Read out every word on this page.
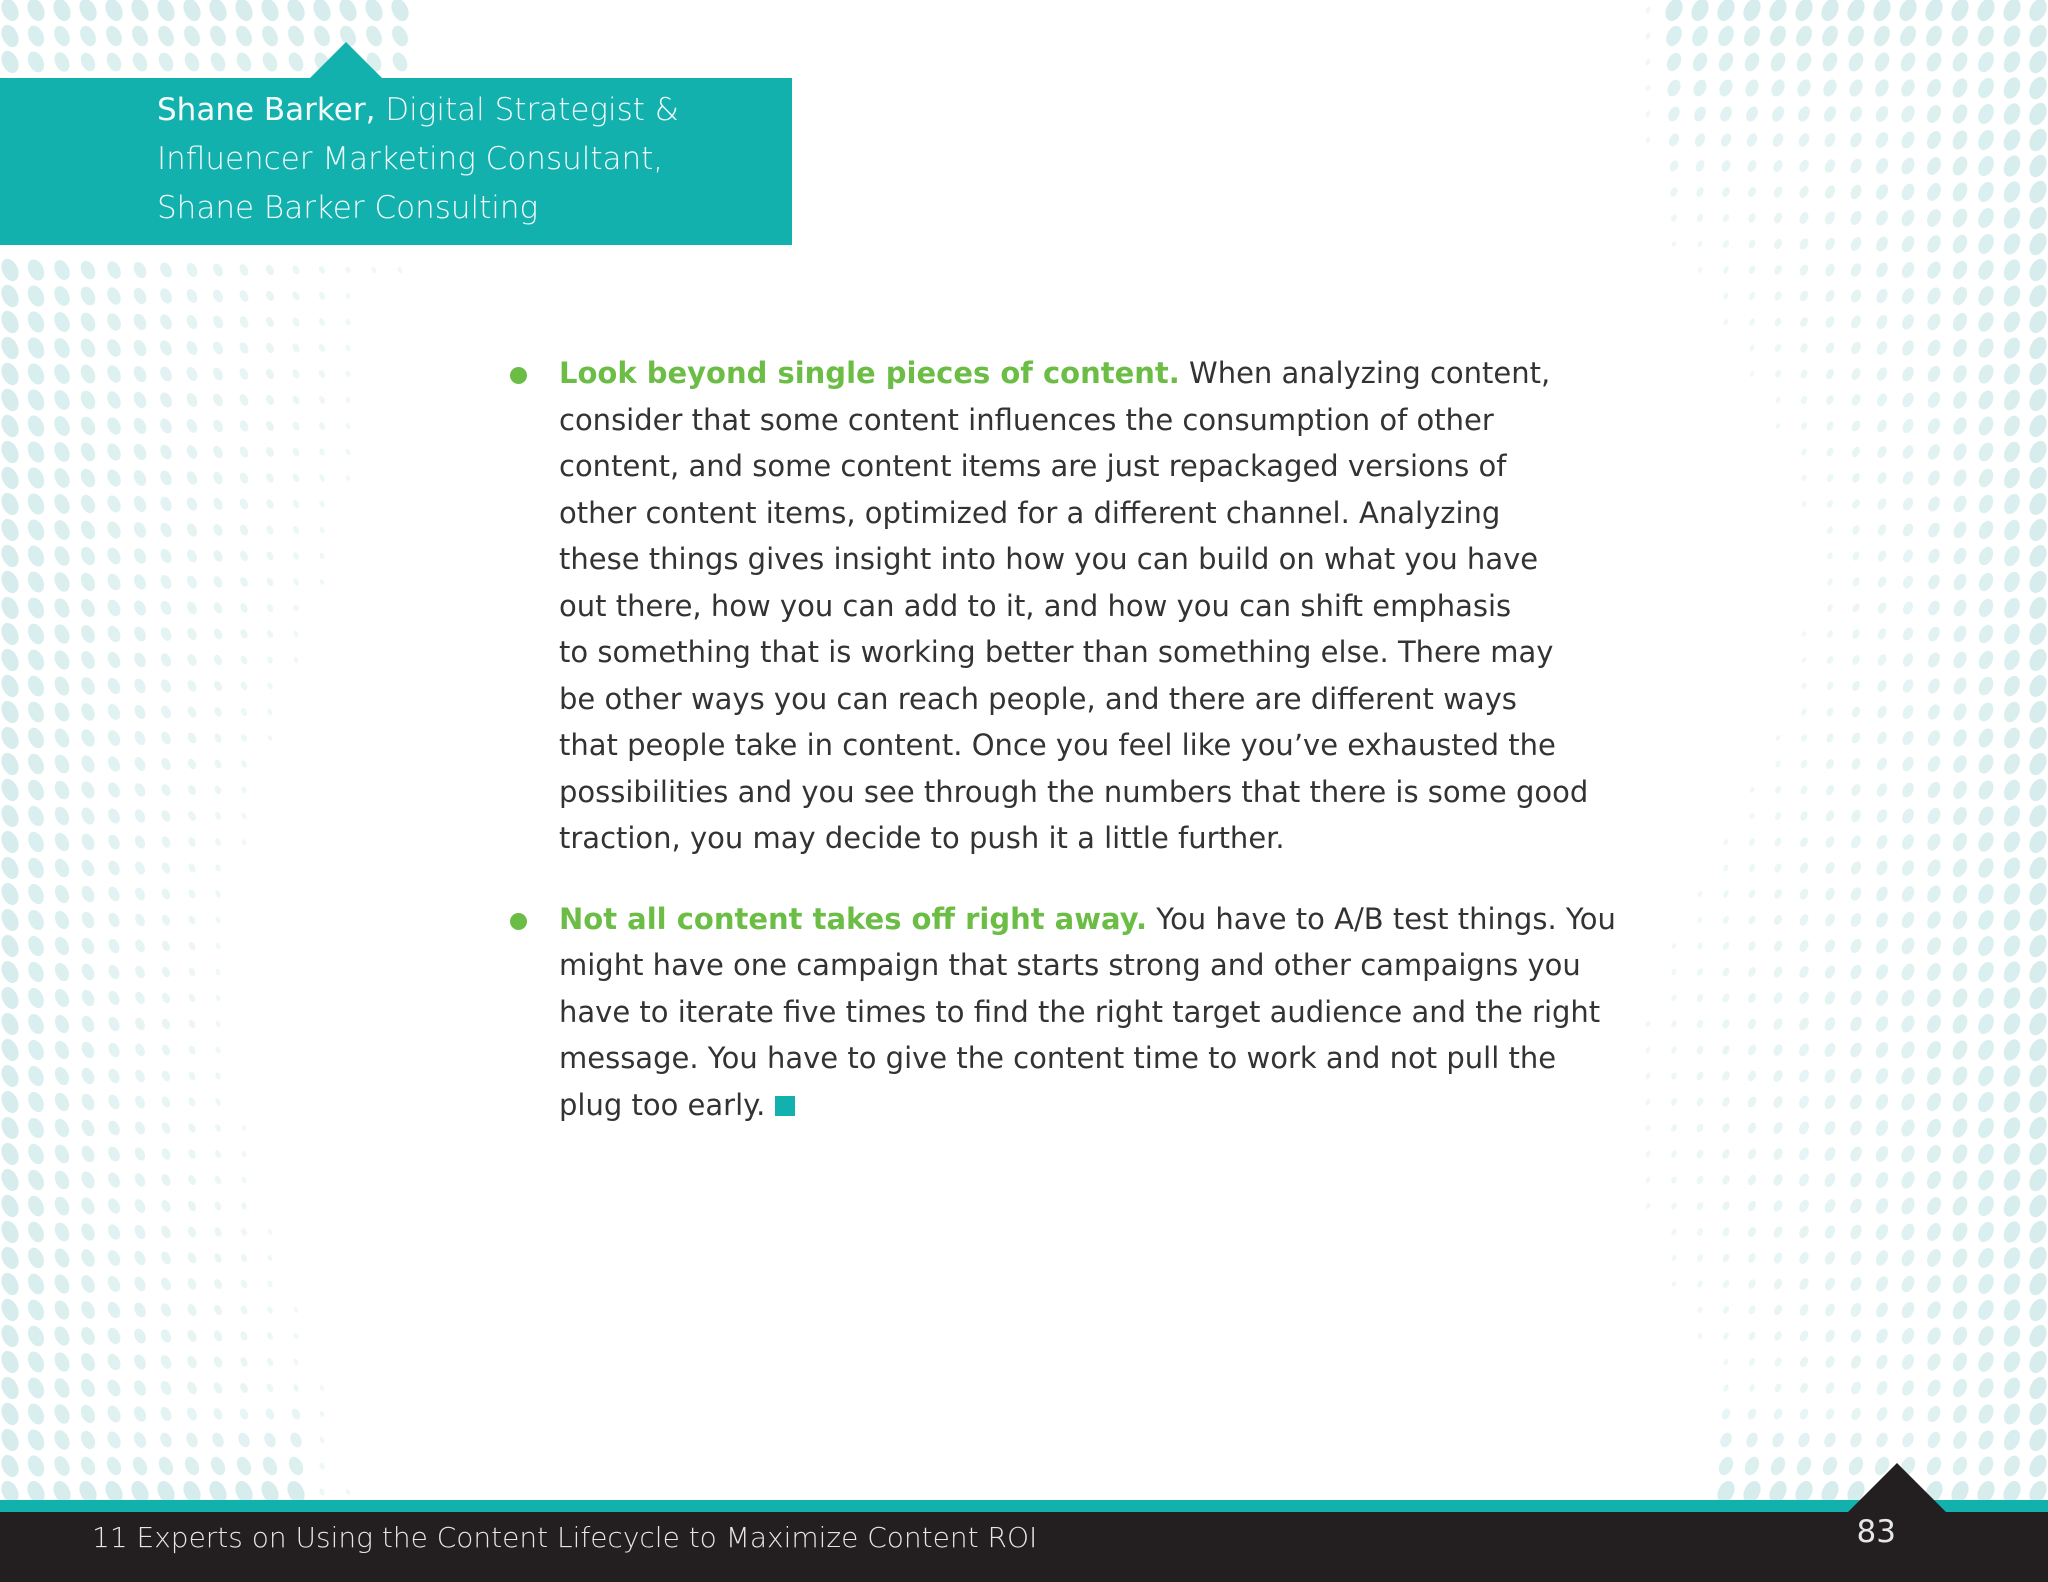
Shane Barker, Digital Strategist &
Influencer Marketing Consultant,
Shane Barker Consulting
Look beyond single pieces of content. When analyzing content,
consider that some content influences the consumption of other
content, and some content items are just repackaged versions of
other content items, optimized for a different channel. Analyzing
these things gives insight into how you can build on what you have
out there, how you can add to it, and how you can shift emphasis
to something that is working better than something else. There may
be other ways you can reach people, and there are different ways
that people take in content. Once you feel like you’ve exhausted the
possibilities and you see through the numbers that there is some good
traction, you may decide to push it a little further.
Not all content takes off right away. You have to A/B test things. You
might have one campaign that starts strong and other campaigns you
have to iterate five times to find the right target audience and the right
message. You have to give the content time to work and not pull the
plug too early.
11 Experts on Using the Content Lifecycle to Maximize Content ROI	83
